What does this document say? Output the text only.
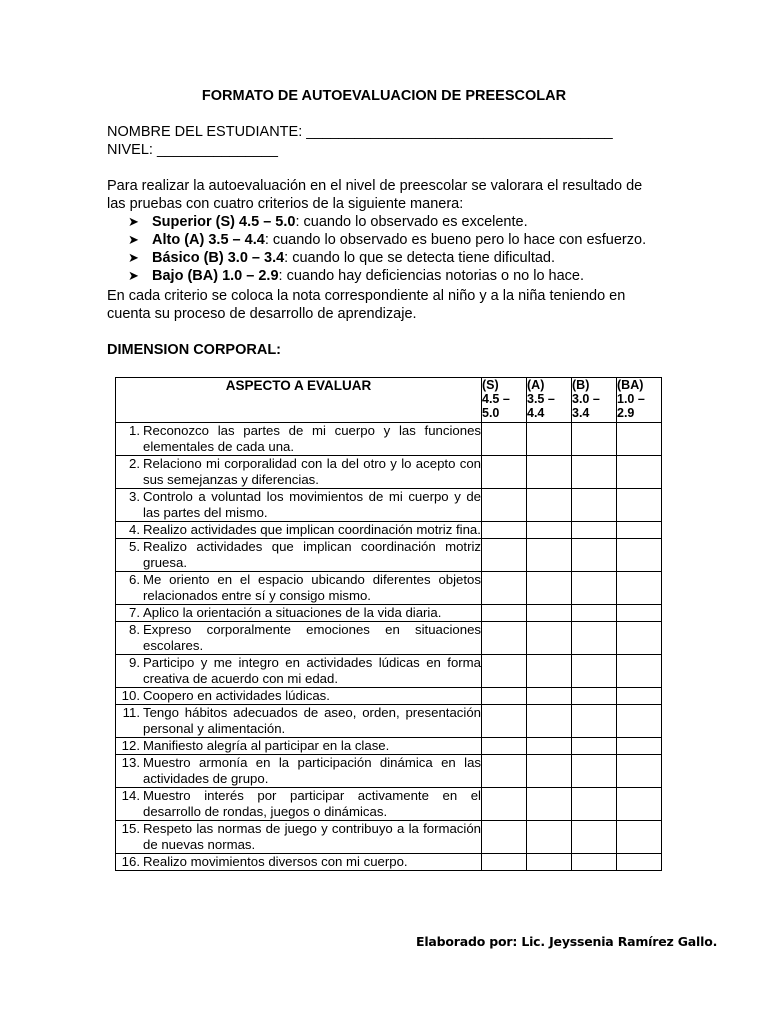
FORMATO DE AUTOEVALUACION DE PREESCOLAR
NOMBRE DEL ESTUDIANTE: ______________________________________
NIVEL: _______________
Para realizar la autoevaluación en el nivel de preescolar se valorara el resultado de las pruebas con cuatro criterios de la siguiente manera:
➤ Superior (S) 4.5 – 5.0 : cuando lo observado es excelente.
➤ Alto (A) 3.5 – 4.4 : cuando lo observado es bueno pero lo hace con esfuerzo.
➤ Básico (B) 3.0 – 3.4 : cuando lo que se detecta tiene dificultad.
➤ Bajo (BA) 1.0 – 2.9 : cuando hay deficiencias notorias o no lo hace.
En cada criterio se coloca la nota correspondiente al niño y a la niña teniendo en cuenta su proceso de desarrollo de aprendizaje.
DIMENSION CORPORAL:
ASPECTO A EVALUAR	(S)
4.5 –
5.0	(A)
3.5 –
4.4	(B)
3.0 –
3.4	(BA)
1.0 –
2.9

1. Reconozco las partes de mi cuerpo y las funciones elementales de cada una.				

2. Relaciono mi corporalidad con la del otro y lo acepto con sus semejanzas y diferencias.				

3. Controlo a voluntad los movimientos de mi cuerpo y de las partes del mismo.				

4. Realizo actividades que implican coordinación motriz fina.				

5. Realizo actividades que implican coordinación motriz gruesa.				

6. Me oriento en el espacio ubicando diferentes objetos relacionados entre sí y consigo mismo.				

7. Aplico la orientación a situaciones de la vida diaria.				

8. Expreso corporalmente emociones en situaciones escolares.				

9. Participo y me integro en actividades lúdicas en forma creativa de acuerdo con mi edad.				

10. Coopero en actividades lúdicas.				

11. Tengo hábitos adecuados de aseo, orden, presentación personal y alimentación.				

12. Manifiesto alegría al participar en la clase.				

13. Muestro armonía en la participación dinámica en las actividades de grupo.				

14. Muestro interés por participar activamente en el desarrollo de rondas, juegos o dinámicas.				

15. Respeto las normas de juego y contribuyo a la formación de nuevas normas.				

16. Realizo movimientos diversos con mi cuerpo.				

Elaborado por: Lic. Jeyssenia Ramírez Gallo.
